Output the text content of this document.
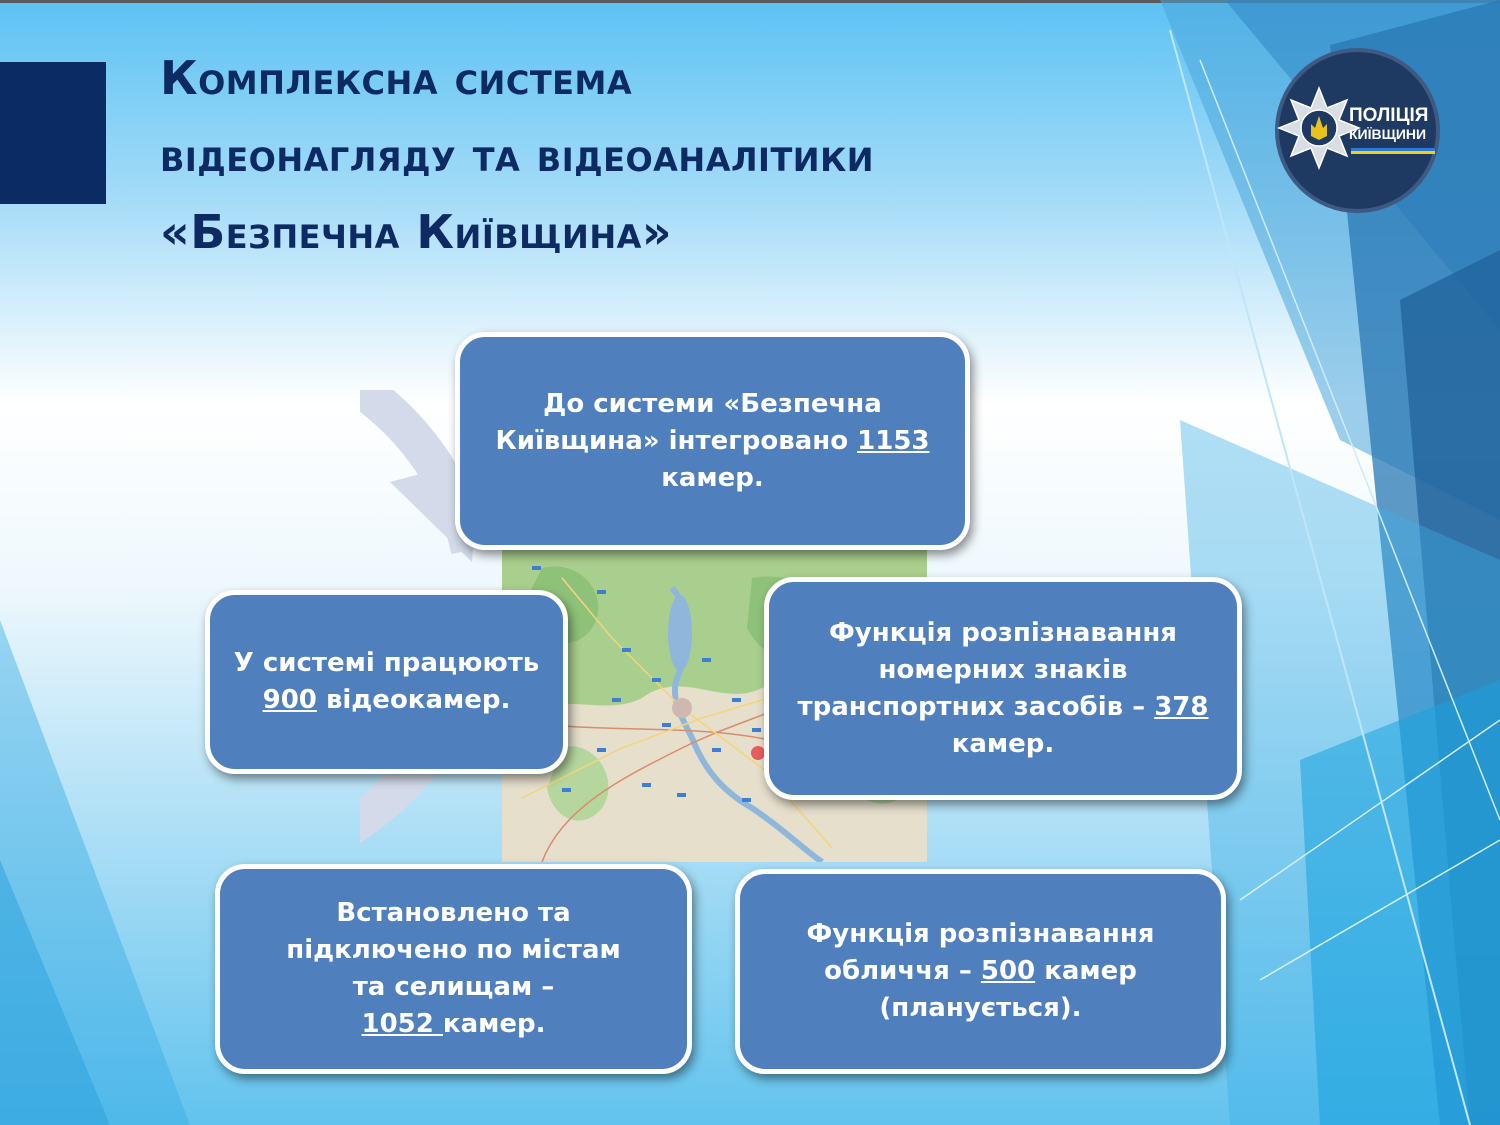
Комплексна система
відеонагляду та відеоаналітики
«Безпечна Київщина»
ПОЛІЦІЯ
КИЇВЩИНИ
До системи «Безпечна Київщина» інтегровано 1153 камер.
Функція розпізнавання номерних знаків транспортних засобів – 378 камер.
У системі працюють 900 відеокамер.
Встановлено та підключено по містам та селищам – 1052 камер.
Функція розпізнавання обличчя – 500 камер (планується).
